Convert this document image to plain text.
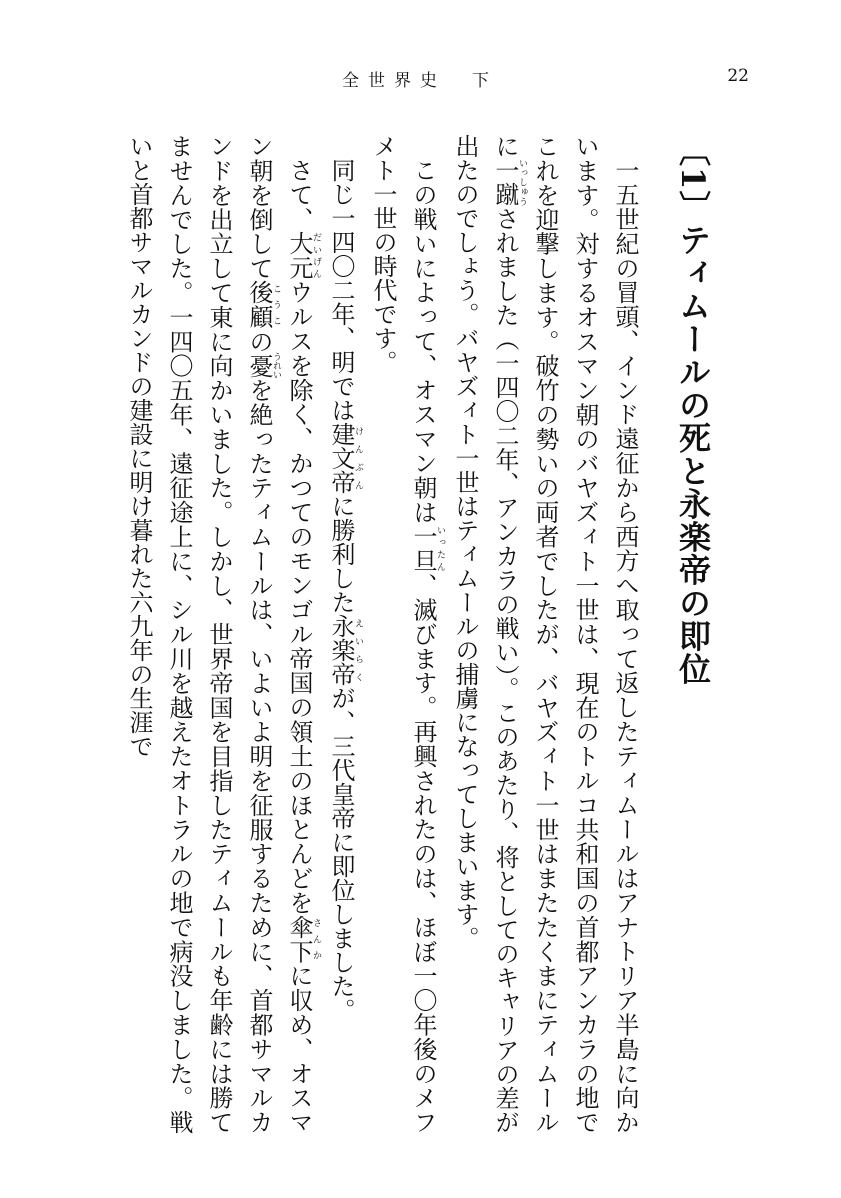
全世界史　下	22
〔1〕ティムールの死と永楽帝の即位

一五世紀の冒頭、インド遠征から西方へ取って返したティムールはアナトリア半島に向かいます。対するオスマン朝のバヤズィト一世は、現在のトルコ共和国の首都アンカラの地でこれを迎撃します。破竹の勢いの両者でしたが、バヤズィト一世はまたたくまにティムールに一蹴いっしゅうされました（一四〇二年、アンカラの戦い）。このあたり、将としてのキャリアの差が出たのでしょう。バヤズィト一世はティムールの捕虜になってしまいます。

この戦いによって、オスマン朝は一旦いったん、滅びます。再興されたのは、ほぼ一〇年後のメフメト一世の時代です。

同じ一四〇二年、明では建文帝けんぶんに勝利した永楽帝えいらくが、三代皇帝に即位しました。

さて、大元だいげんウルスを除く、かつてのモンゴル帝国の領土のほとんどを傘下さんかに収め、オスマン朝を倒して後顧こうこの憂うれいを絶ったティムールは、いよいよ明を征服するために、首都サマルカンドを出立して東に向かいました。しかし、世界帝国を目指したティムールも年齢には勝てませんでした。一四〇五年、遠征途上に、シル川を越えたオトラルの地で病没しました。戦いと首都サマルカンドの建設に明け暮れた六九年の生涯で
